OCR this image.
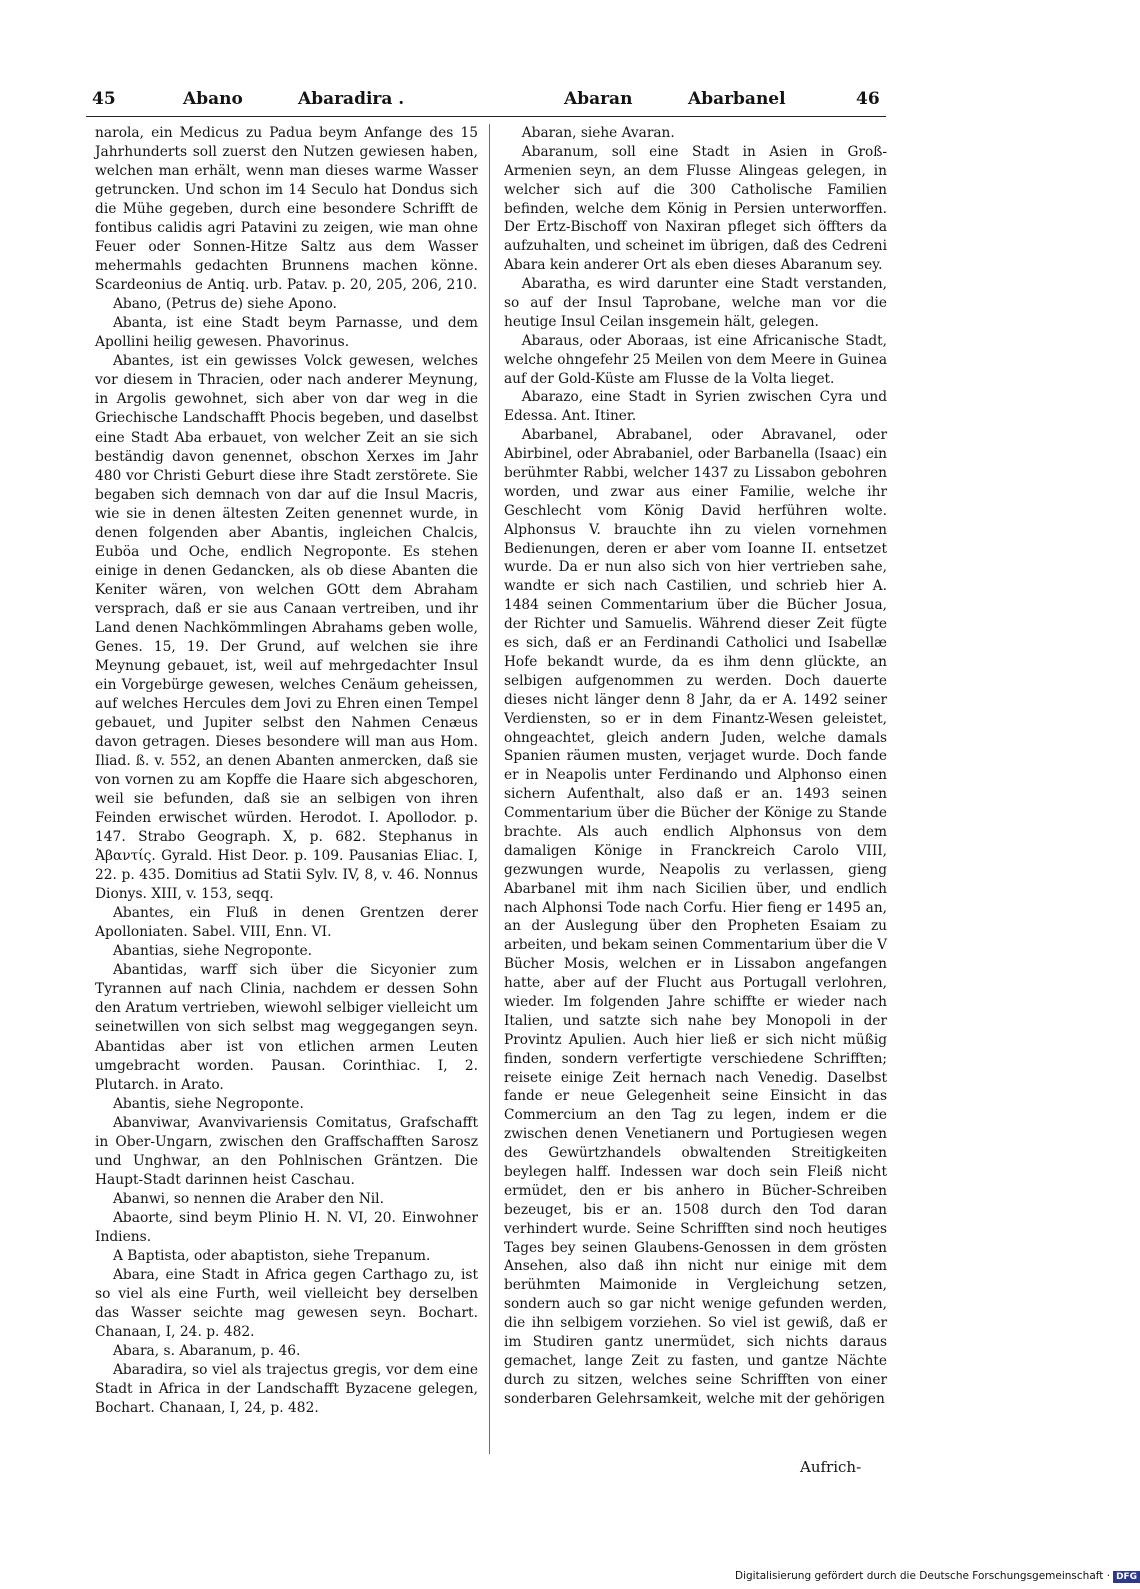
45	Abano	Abaradira .	Abaran	Abarbanel	46

narola, ein Medicus zu Padua beym Anfange des 15 Jahrhunderts soll zuerst den Nutzen gewiesen haben, welchen man erhält, wenn man dieses warme Wasser getruncken. Und schon im 14 Seculo hat Dondus sich die Mühe gegeben, durch eine besondere Schrifft de fontibus calidis agri Patavini zu zeigen, wie man ohne Feuer oder Sonnen-Hitze Saltz aus dem Wasser mehermahls gedachten Brunnens machen könne. Scardeonius de Antiq. urb. Patav. p. 20, 205, 206, 210.

Abano, (Petrus de) siehe Apono.

Abanta, ist eine Stadt beym Parnasse, und dem Apollini heilig gewesen. Phavorinus.

Abantes, ist ein gewisses Volck gewesen, welches vor diesem in Thracien, oder nach anderer Meynung, in Argolis gewohnet, sich aber von dar weg in die Griechische Landschafft Phocis begeben, und daselbst eine Stadt Aba erbauet, von welcher Zeit an sie sich beständig davon genennet, obschon Xerxes im Jahr 480 vor Christi Geburt diese ihre Stadt zerstörete. Sie begaben sich demnach von dar auf die Insul Macris, wie sie in denen ältesten Zeiten genennet wurde, in denen folgenden aber Abantis, ingleichen Chalcis, Euböa und Oche, endlich Negroponte. Es stehen einige in denen Gedancken, als ob diese Abanten die Keniter wären, von welchen GOtt dem Abraham versprach, daß er sie aus Canaan vertreiben, und ihr Land denen Nachkömmlingen Abrahams geben wolle, Genes. 15, 19. Der Grund, auf welchen sie ihre Meynung gebauet, ist, weil auf mehrgedachter Insul ein Vorgebürge gewesen, welches Cenäum geheissen, auf welches Hercules dem Jovi zu Ehren einen Tempel gebauet, und Jupiter selbst den Nahmen Cenæus davon getragen. Dieses besondere will man aus Hom. Iliad. ß. v. 552, an denen Abanten anmercken, daß sie von vornen zu am Kopffe die Haare sich abgeschoren, weil sie befunden, daß sie an selbigen von ihren Feinden erwischet würden. Herodot. I. Apollodor. p. 147. Strabo Geograph. X, p. 682. Stephanus in Ἀβαντίς. Gyrald. Hist Deor. p. 109. Pausanias Eliac. I, 22. p. 435. Domitius ad Statii Sylv. IV, 8, v. 46. Nonnus Dionys. XIII, v. 153, seqq.

Abantes, ein Fluß in denen Grentzen derer Apolloniaten. Sabel. VIII, Enn. VI.

Abantias, siehe Negroponte.

Abantidas, warff sich über die Sicyonier zum Tyrannen auf nach Clinia, nachdem er dessen Sohn den Aratum vertrieben, wiewohl selbiger vielleicht um seinetwillen von sich selbst mag weggegangen seyn. Abantidas aber ist von etlichen armen Leuten umgebracht worden. Pausan. Corinthiac. I, 2. Plutarch. in Arato.

Abantis, siehe Negroponte.

Abanviwar, Avanvivariensis Comitatus, Grafschafft in Ober-Ungarn, zwischen den Graffschafften Sarosz und Unghwar, an den Pohlnischen Gräntzen. Die Haupt-Stadt darinnen heist Caschau.

Abanwi, so nennen die Araber den Nil.

Abaorte, sind beym Plinio H. N. VI, 20. Einwohner Indiens.

A Baptista, oder abaptiston, siehe Trepanum.

Abara, eine Stadt in Africa gegen Carthago zu, ist so viel als eine Furth, weil vielleicht bey derselben das Wasser seichte mag gewesen seyn. Bochart. Chanaan, I, 24. p. 482.

Abara, s. Abaranum, p. 46.

Abaradira, so viel als trajectus gregis, vor dem eine Stadt in Africa in der Landschafft Byzacene gelegen, Bochart. Chanaan, I, 24, p. 482.

Abaran, siehe Avaran.

Abaranum, soll eine Stadt in Asien in Groß-Armenien seyn, an dem Flusse Alingeas gelegen, in welcher sich auf die 300 Catholische Familien befinden, welche dem König in Persien unterworffen. Der Ertz-Bischoff von Naxiran pfleget sich öffters da aufzuhalten, und scheinet im übrigen, daß des Cedreni Abara kein anderer Ort als eben dieses Abaranum sey.

Abaratha, es wird darunter eine Stadt verstanden, so auf der Insul Taprobane, welche man vor die heutige Insul Ceilan insgemein hält, gelegen.

Abaraus, oder Aboraas, ist eine Africanische Stadt, welche ohngefehr 25 Meilen von dem Meere in Guinea auf der Gold-Küste am Flusse de la Volta lieget.

Abarazo, eine Stadt in Syrien zwischen Cyra und Edessa. Ant. Itiner.

Abarbanel, Abrabanel, oder Abravanel, oder Abirbinel, oder Abrabaniel, oder Barbanella (Isaac) ein berühmter Rabbi, welcher 1437 zu Lissabon gebohren worden, und zwar aus einer Familie, welche ihr Geschlecht vom König David herführen wolte. Alphonsus V. brauchte ihn zu vielen vornehmen Bedienungen, deren er aber vom Ioanne II. entsetzet wurde. Da er nun also sich von hier vertrieben sahe, wandte er sich nach Castilien, und schrieb hier A. 1484 seinen Commentarium über die Bücher Josua, der Richter und Samuelis. Während dieser Zeit fügte es sich, daß er an Ferdinandi Catholici und Isabellæ Hofe bekandt wurde, da es ihm denn glückte, an selbigen aufgenommen zu werden. Doch dauerte dieses nicht länger denn 8 Jahr, da er A. 1492 seiner Verdiensten, so er in dem Finantz-Wesen geleistet, ohngeachtet, gleich andern Juden, welche damals Spanien räumen musten, verjaget wurde. Doch fande er in Neapolis unter Ferdinando und Alphonso einen sichern Aufenthalt, also daß er an. 1493 seinen Commentarium über die Bücher der Könige zu Stande brachte. Als auch endlich Alphonsus von dem damaligen Könige in Franckreich Carolo VIII, gezwungen wurde, Neapolis zu verlassen, gieng Abarbanel mit ihm nach Sicilien über, und endlich nach Alphonsi Tode nach Corfu. Hier fieng er 1495 an, an der Auslegung über den Propheten Esaiam zu arbeiten, und bekam seinen Commentarium über die V Bücher Mosis, welchen er in Lissabon angefangen hatte, aber auf der Flucht aus Portugall verlohren, wieder. Im folgenden Jahre schiffte er wieder nach Italien, und satzte sich nahe bey Monopoli in der Provintz Apulien. Auch hier ließ er sich nicht müßig finden, sondern verfertigte verschiedene Schrifften; reisete einige Zeit hernach nach Venedig. Daselbst fande er neue Gelegenheit seine Einsicht in das Commercium an den Tag zu legen, indem er die zwischen denen Venetianern und Portugiesen wegen des Gewürtzhandels obwaltenden Streitigkeiten beylegen halff. Indessen war doch sein Fleiß nicht ermüdet, den er bis anhero in Bücher-Schreiben bezeuget, bis er an. 1508 durch den Tod daran verhindert wurde. Seine Schrifften sind noch heutiges Tages bey seinen Glaubens-Genossen in dem grösten Ansehen, also daß ihn nicht nur einige mit dem berühmten Maimonide in Vergleichung setzen, sondern auch so gar nicht wenige gefunden werden, die ihn selbigem vorziehen. So viel ist gewiß, daß er im Studiren gantz unermüdet, sich nichts daraus gemachet, lange Zeit zu fasten, und gantze Nächte durch zu sitzen, welches seine Schrifften von einer sonderbaren Gelehrsamkeit, welche mit der gehörigen

Aufrich-
Digitalisierung gefördert durch die Deutsche Forschungsgemeinschaft · DFG
